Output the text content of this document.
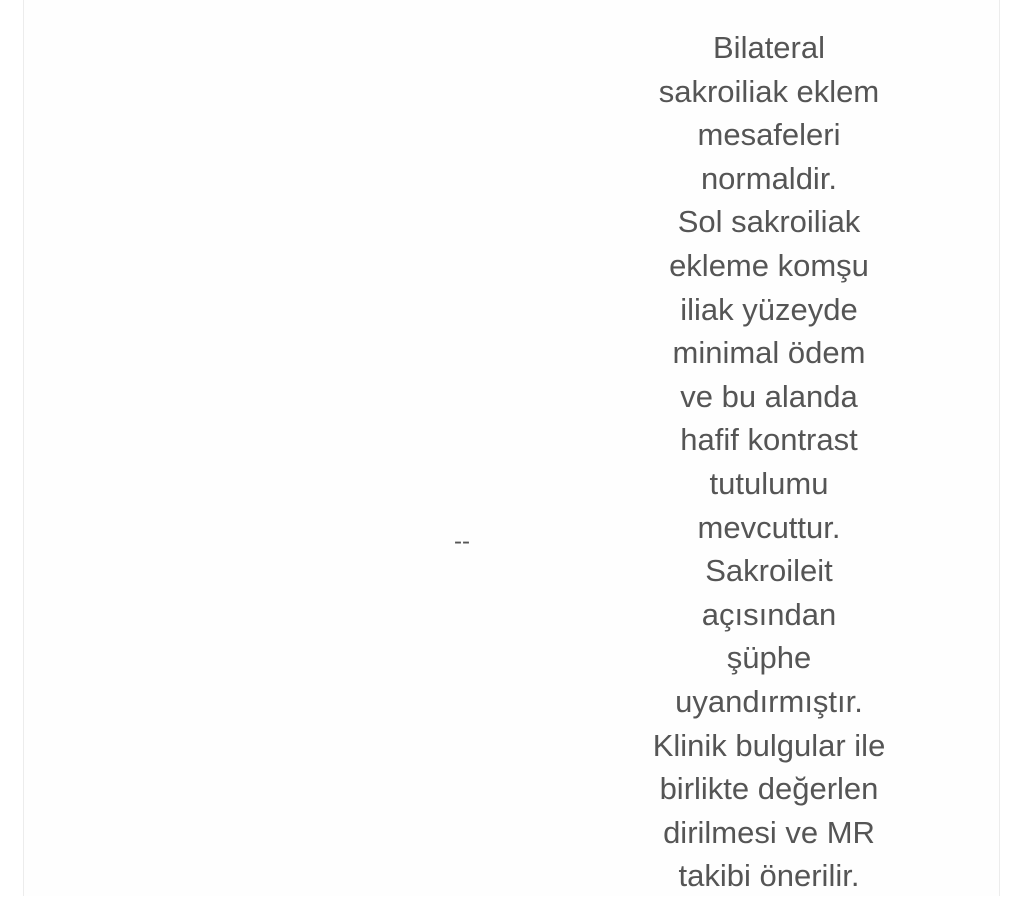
--
Bilateral
sakroiliak eklem
mesafeleri
normaldir.
Sol sakroiliak
ekleme komşu
iliak yüzeyde
minimal ödem
ve bu alanda
hafif kontrast
tutulumu
mevcuttur.
Sakroileit
açısından
şüphe
uyandırmıştır.
Klinik bulgular ile
birlikte değerlen
dirilmesi ve MR
takibi önerilir.
